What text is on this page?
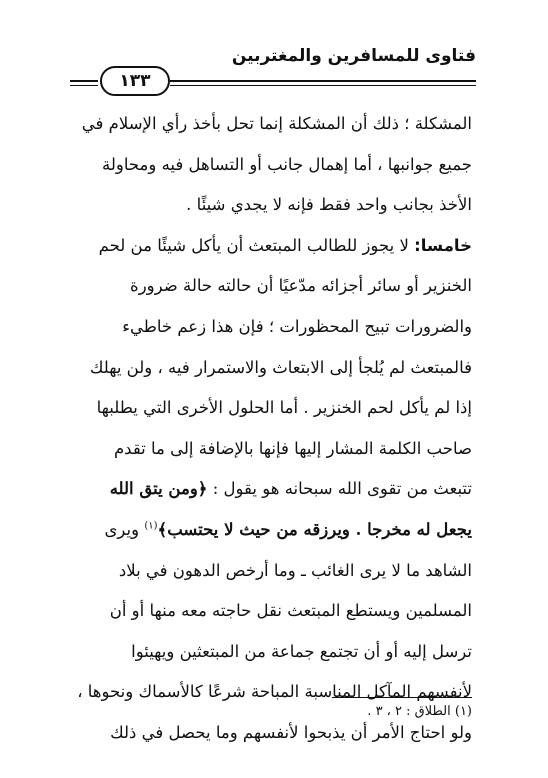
فتاوى للمسافرين والمغتربين
١٣٣
المشكلة ؛ ذلك أن المشكلة إنما تحل بأخذ رأي الإسلام في
جميع جوانبها ، أما إهمال جانب أو التساهل فيه ومحاولة
الأخذ بجانب واحد فقط فإنه لا يجدي شيئًا .
خامسا: لا يجوز للطالب المبتعث أن يأكل شيئًا من لحم
الخنزير أو سائر أجزائه مدّعيًا أن حالته حالة ضرورة
والضرورات تبيح المحظورات ؛ فإن هذا زعم خاطيء
فالمبتعث لم يُلجأ إلى الابتعاث والاستمرار فيه ، ولن يهلك
إذا لم يأكل لحم الخنزير . أما الحلول الأخرى التي يطلبها
صاحب الكلمة المشار إليها فإنها بالإضافة إلى ما تقدم
تتبعث من تقوى الله سبحانه هو يقول : ﴿ومن يتق الله
يجعل له مخرجا . ويرزقه من حيث لا يحتسب﴾$^{(١)}$ ويرى
الشاهد ما لا يرى الغائب ـ وما أرخص الدهون في بلاد
المسلمين ويستطع المبتعث نقل حاجته معه منها أو أن
ترسل إليه أو أن تجتمع جماعة من المبتعثين ويهيئوا
لأنفسهم المآكل المناسبة المباحة شرعًا كالأسماك ونحوها ،
ولو احتاج الأمر أن يذبحوا لأنفسهم وما يحصل في ذلك
(١) الطلاق : ٢ ، ٣ .
